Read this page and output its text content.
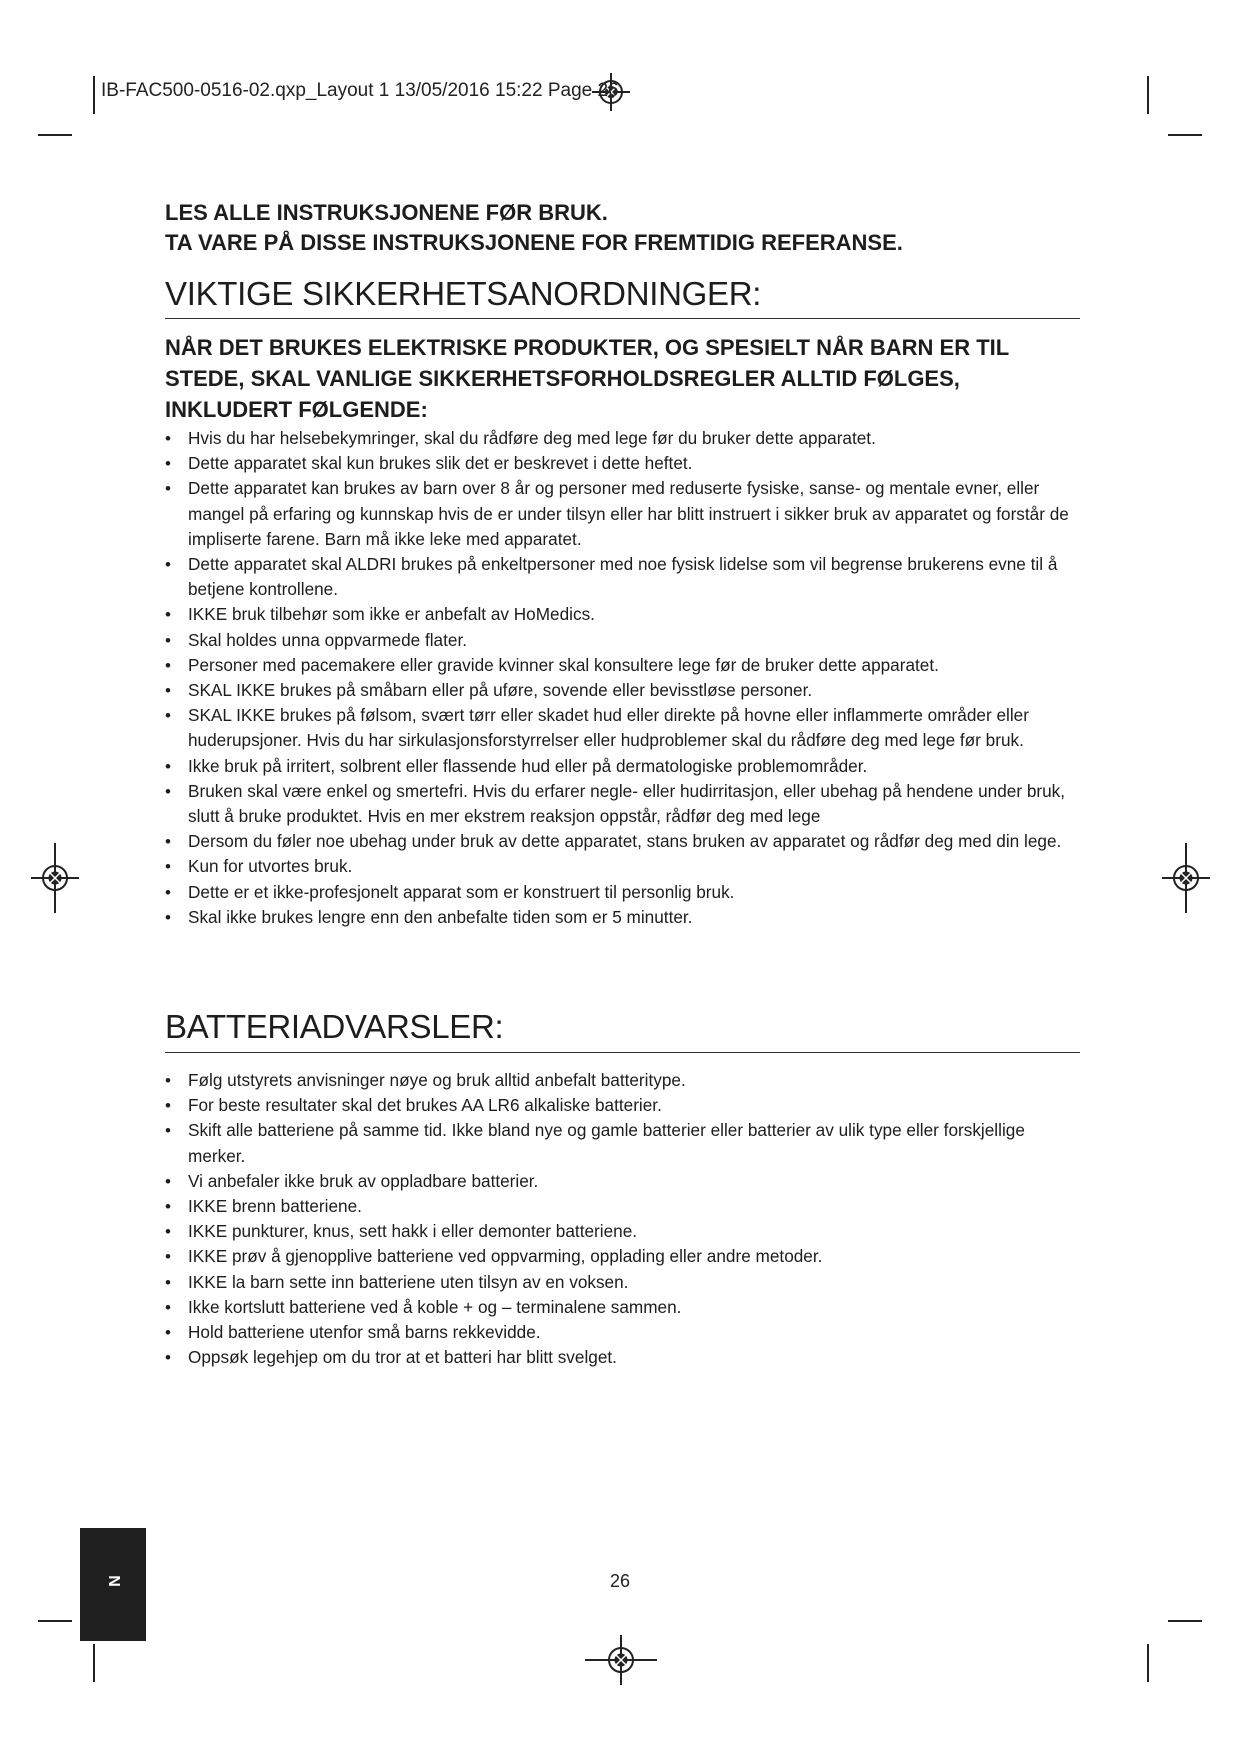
IB-FAC500-0516-02.qxp_Layout 1 13/05/2016 15:22 Page 26
LES ALLE INSTRUKSJONENE FØR BRUK.
TA VARE PÅ DISSE INSTRUKSJONENE FOR FREMTIDIG REFERANSE.
VIKTIGE SIKKERHETSANORDNINGER:
NÅR DET BRUKES ELEKTRISKE PRODUKTER, OG SPESIELT NÅR BARN ER TIL STEDE, SKAL VANLIGE SIKKERHETSFORHOLDSREGLER ALLTID FØLGES, INKLUDERT FØLGENDE:
• Hvis du har helsebekymringer, skal du rådføre deg med lege før du bruker dette apparatet.
• Dette apparatet skal kun brukes slik det er beskrevet i dette heftet.
• Dette apparatet kan brukes av barn over 8 år og personer med reduserte fysiske, sanse- og mentale evner, eller mangel på erfaring og kunnskap hvis de er under tilsyn eller har blitt instruert i sikker bruk av apparatet og forstår de impliserte farene. Barn må ikke leke med apparatet.
• Dette apparatet skal ALDRI brukes på enkeltpersoner med noe fysisk lidelse som vil begrense brukerens evne til å betjene kontrollene.
• IKKE bruk tilbehør som ikke er anbefalt av HoMedics.
• Skal holdes unna oppvarmede flater.
• Personer med pacemakere eller gravide kvinner skal konsultere lege før de bruker dette apparatet.
• SKAL IKKE brukes på småbarn eller på uføre, sovende eller bevisstløse personer.
• SKAL IKKE brukes på følsom, svært tørr eller skadet hud eller direkte på hovne eller inflammerte områder eller huderupsjoner. Hvis du har sirkulasjonsforstyrrelser eller hudproblemer skal du rådføre deg med lege før bruk.
• Ikke bruk på irritert, solbrent eller flassende hud eller på dermatologiske problemområder.
• Bruken skal være enkel og smertefri. Hvis du erfarer negle- eller hudirritasjon, eller ubehag på hendene under bruk, slutt å bruke produktet. Hvis en mer ekstrem reaksjon oppstår, rådfør deg med lege
• Dersom du føler noe ubehag under bruk av dette apparatet, stans bruken av apparatet og rådfør deg med din lege.
• Kun for utvortes bruk.
• Dette er et ikke-profesjonelt apparat som er konstruert til personlig bruk.
• Skal ikke brukes lengre enn den anbefalte tiden som er 5 minutter.
BATTERIADVARSLER:
• Følg utstyrets anvisninger nøye og bruk alltid anbefalt batteritype.
• For beste resultater skal det brukes AA LR6 alkaliske batterier.
• Skift alle batteriene på samme tid. Ikke bland nye og gamle batterier eller batterier av ulik type eller forskjellige merker.
• Vi anbefaler ikke bruk av oppladbare batterier.
• IKKE brenn batteriene.
• IKKE punkturer, knus, sett hakk i eller demonter batteriene.
• IKKE prøv å gjenopplive batteriene ved oppvarming, opplading eller andre metoder.
• IKKE la barn sette inn batteriene uten tilsyn av en voksen.
• Ikke kortslutt batteriene ved å koble + og – terminalene sammen.
• Hold batteriene utenfor små barns rekkevidde.
• Oppsøk legehjep om du tror at et batteri har blitt svelget.
N	26
